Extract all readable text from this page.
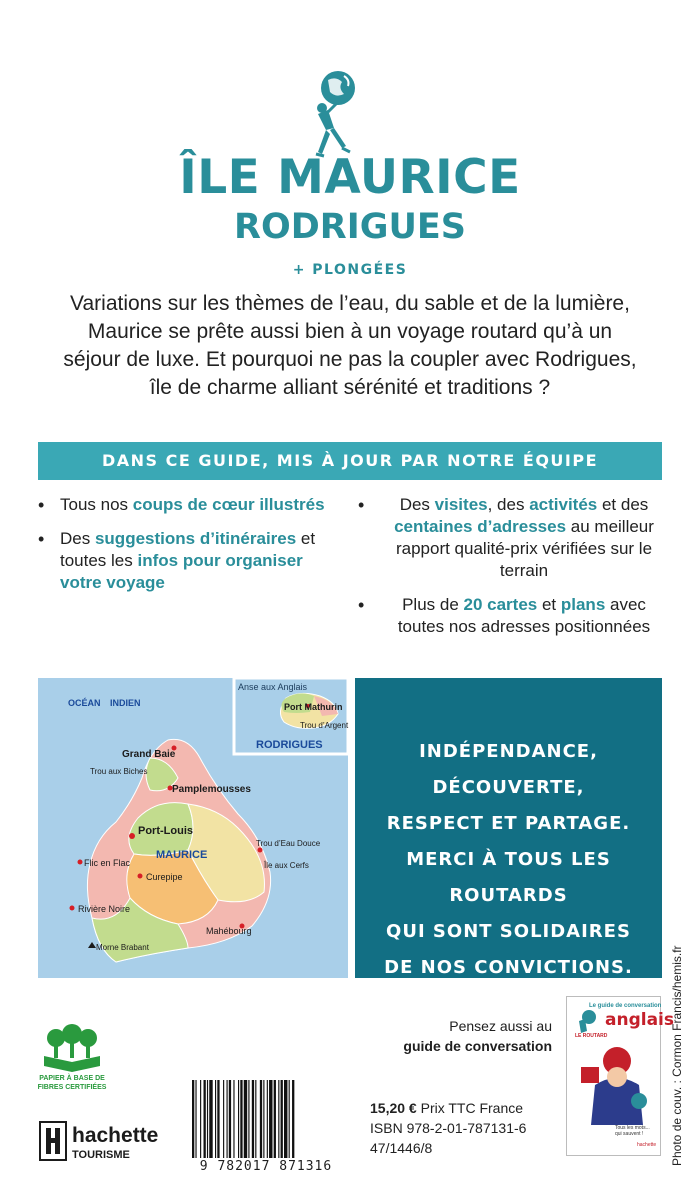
ÎLE MAURICE
RODRIGUES
+ PLONGÉES
Variations sur les thèmes de l’eau, du sable et de la lumière,
Maurice se prête aussi bien à un voyage routard qu’à un
séjour de luxe. Et pourquoi ne pas la coupler avec Rodrigues,
île de charme alliant sérénité et traditions ?
DANS CE GUIDE, MIS À JOUR PAR NOTRE ÉQUIPE
• Tous nos coups de cœur illustrés
• Des suggestions d’itinéraires et toutes les infos pour organiser votre voyage
•	Des visites, des activités et des centaines d’adresses au meilleur rapport qualité-prix vérifiées sur le terrain
•	Plus de 20 cartes et plans avec toutes nos adresses positionnées
Anse aux Anglais
Port Mathurin
Trou d’Argent
RODRIGUES
OCÉAN INDIEN
Grand Baie
Trou aux Biches
Pamplemousses
Port-Louis
Trou d’Eau Douce
Île aux Cerfs
MAURICE
Flic en Flac
Curepipe
Rivière Noire
Mahébourg
Morne Brabant
INDÉPENDANCE,
DÉCOUVERTE,
RESPECT ET PARTAGE.
MERCI À TOUS LES ROUTARDS
QUI SONT SOLIDAIRES
DE NOS CONVICTIONS.	Photo de couv. : Cormon Francis/hemis.fr
PAPIER À BASE DE
FIBRES CERTIFIÉES
hachette
TOURISME
9 782017 871316
Pensez aussi au
guide de conversation
Le guide de conversation
anglais
LE ROUTARD
Tous les mots...
qui sauvent !
hachette
15,20 € Prix TTC France
ISBN 978-2-01-787131-6
47/1446/8
